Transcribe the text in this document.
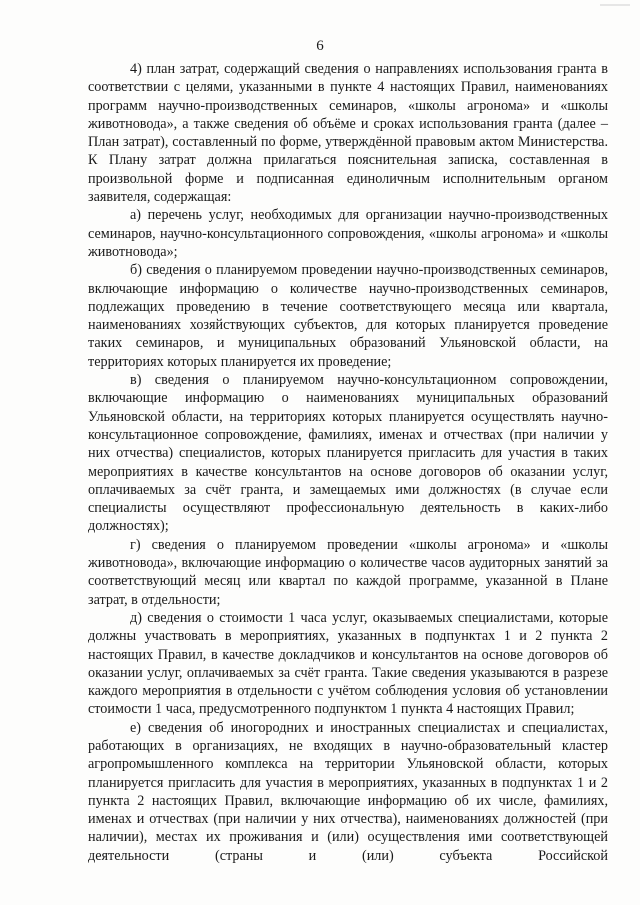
6

4) план затрат, содержащий сведения о направлениях использования гранта в соответствии с целями, указанными в пункте 4 настоящих Правил, наименованиях программ научно-производственных семинаров, «школы агронома» и «школы животновода», а также сведения об объёме и сроках использования гранта (далее – План затрат), составленный по форме, утверждённой правовым актом Министерства. К Плану затрат должна прилагаться пояснительная записка, составленная в произвольной форме и подписанная единоличным исполнительным органом заявителя, содержащая:

а) перечень услуг, необходимых для организации научно-производственных семинаров, научно-консультационного сопровождения, «школы агронома» и «школы животновода»;

б) сведения о планируемом проведении научно-производственных семинаров, включающие информацию о количестве научно-производственных семинаров, подлежащих проведению в течение соответствующего месяца или квартала, наименованиях хозяйствующих субъектов, для которых планируется проведение таких семинаров, и муниципальных образований Ульяновской области, на территориях которых планируется их проведение;

в) сведения о планируемом научно-консультационном сопровождении, включающие информацию о наименованиях муниципальных образований Ульяновской области, на территориях которых планируется осуществлять научно-консультационное сопровождение, фамилиях, именах и отчествах (при наличии у них отчества) специалистов, которых планируется пригласить для участия в таких мероприятиях в качестве консультантов на основе договоров об оказании услуг, оплачиваемых за счёт гранта, и замещаемых ими должностях (в случае если специалисты осуществляют профессиональную деятельность в каких-либо должностях);

г) сведения о планируемом проведении «школы агронома» и «школы животновода», включающие информацию о количестве часов аудиторных занятий за соответствующий месяц или квартал по каждой программе, указанной в Плане затрат, в отдельности;

д) сведения о стоимости 1 часа услуг, оказываемых специалистами, которые должны участвовать в мероприятиях, указанных в подпунктах 1 и 2 пункта 2 настоящих Правил, в качестве докладчиков и консультантов на основе договоров об оказании услуг, оплачиваемых за счёт гранта. Такие сведения указываются в разрезе каждого мероприятия в отдельности с учётом соблюдения условия об установлении стоимости 1 часа, предусмотренного подпунктом 1 пункта 4 настоящих Правил;

е) сведения об иногородних и иностранных специалистах и специалистах, работающих в организациях, не входящих в научно-образовательный кластер агропромышленного комплекса на территории Ульяновской области, которых планируется пригласить для участия в мероприятиях, указанных в подпунктах 1 и 2 пункта 2 настоящих Правил, включающие информацию об их числе, фамилиях, именах и отчествах (при наличии у них отчества), наименованиях должностей (при наличии), местах их проживания и (или) осуществления ими соответствующей деятельности (страны и (или) субъекта Российской
